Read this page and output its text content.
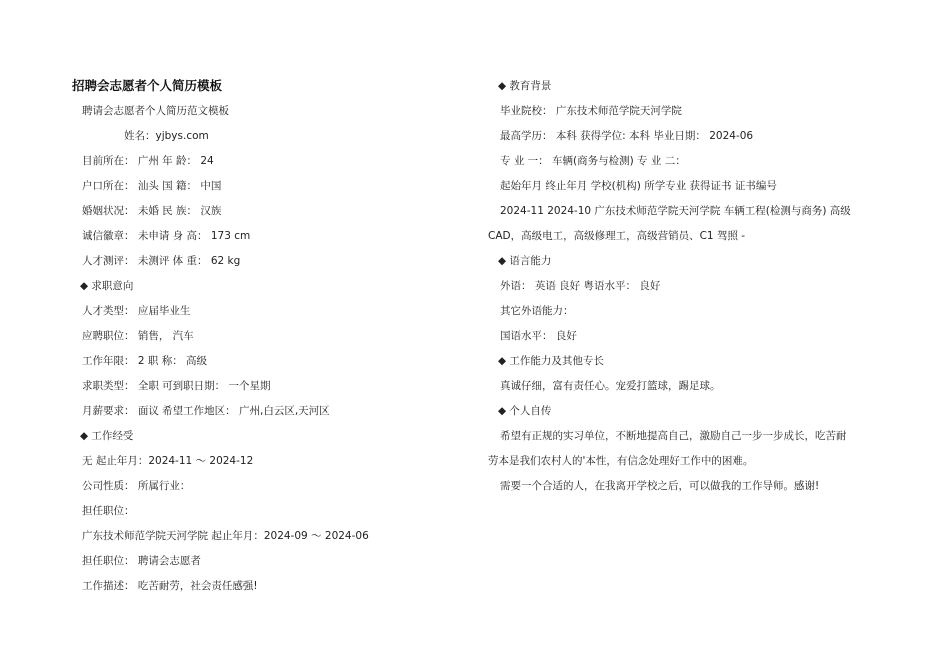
招聘会志愿者个人简历模板
聘请会志愿者个人简历范文模板
姓名：yjbys.com
目前所在： 广州 年 龄： 24
户口所在： 汕头 国 籍： 中国
婚姻状况： 未婚 民 族： 汉族
诚信徽章： 未申请 身 高： 173 cm
人才测评： 未测评 体 重： 62 kg
◆ 求职意向
人才类型： 应届毕业生
应聘职位： 销售， 汽车
工作年限： 2 职 称： 高级
求职类型： 全职 可到职日期： 一个星期
月薪要求： 面议 希望工作地区： 广州,白云区,天河区
◆ 工作经受
无 起止年月：2024-11 ～ 2024-12
公司性质： 所属行业：
担任职位：
广东技术师范学院天河学院 起止年月：2024-09 ～ 2024-06
担任职位： 聘请会志愿者
工作描述： 吃苦耐劳，社会责任感强!
◆ 教育背景
毕业院校： 广东技术师范学院天河学院
最高学历： 本科 获得学位: 本科 毕业日期： 2024-06
专 业 一： 车辆(商务与检测) 专 业 二：
起始年月 终止年月 学校(机构) 所学专业 获得证书 证书编号
2024-11 2024-10 广东技术师范学院天河学院 车辆工程(检测与商务) 高级
CAD，高级电工，高级修理工，高级营销员、C1 驾照 -
◆ 语言能力
外语： 英语 良好 粤语水平： 良好
其它外语能力：
国语水平： 良好
◆ 工作能力及其他专长
真诚仔细，富有责任心。宠爱打篮球，踢足球。
◆ 个人自传
希望有正规的实习单位，不断地提高自己，激励自己一步一步成长，吃苦耐
劳本是我们农村人的'本性，有信念处理好工作中的困难。
需要一个合适的人，在我离开学校之后，可以做我的工作导师。感谢!
